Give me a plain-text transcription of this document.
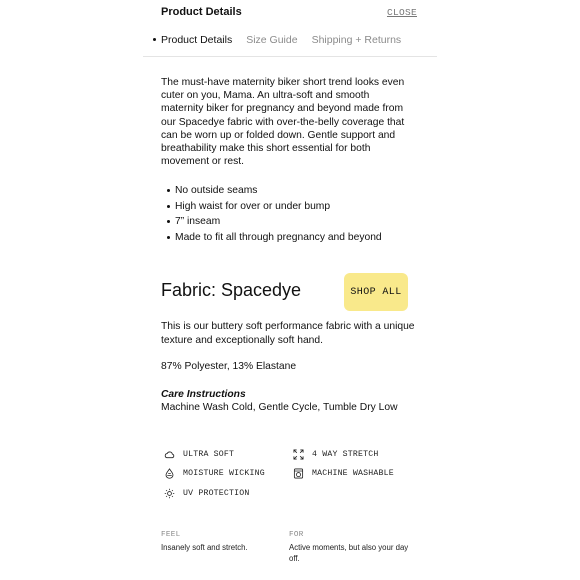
Product Details	CLOSE
Product Details Size Guide Shipping + Returns

The must-have maternity biker short trend looks even cuter on you, Mama. An ultra-soft and smooth maternity biker for pregnancy and beyond made from our Spacedye fabric with over-the-belly coverage that can be worn up or folded down. Gentle support and breathability make this short essential for both movement or rest.

No outside seams
High waist for over or under bump
7” inseam
Made to fit all through pregnancy and beyond
Fabric: Spacedye	SHOP ALL

This is our buttery soft performance fabric with a unique texture and exceptionally soft hand.

87% Polyester, 13% Elastane
Care Instructions
Machine Wash Cold, Gentle Cycle, Tumble Dry Low
ULTRA SOFT	4 WAY STRETCH
MOISTURE WICKING	MACHINE WASHABLE
UV PROTECTION
FEEL
Insanely soft and stretch.
FOR
Active moments, but also your day off.
